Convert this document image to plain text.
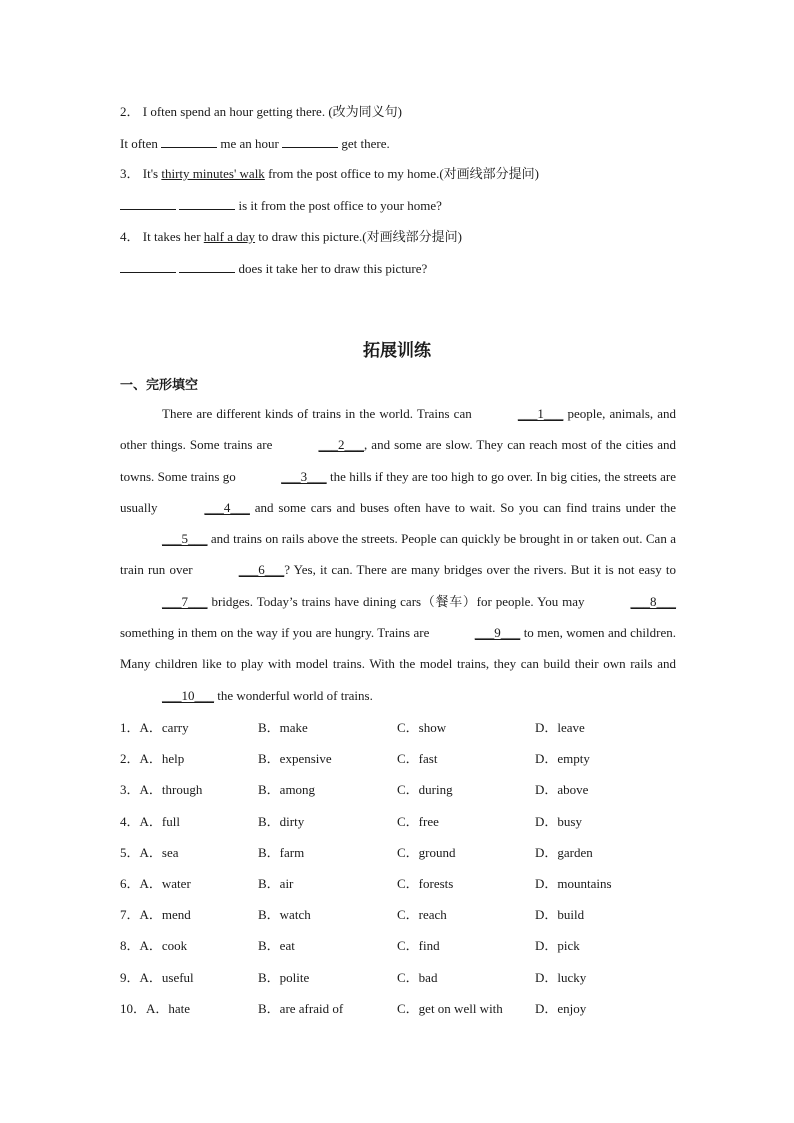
2． I often spend an hour getting there. (改为同义句)
It often	me an hour	get there.
3． It's thirty minutes' walk from the post office to my home.(对画线部分提问)
is it from the post office to your home?
4． It takes her half a day to draw this picture.(对画线部分提问)
does it take her to draw this picture?
拓展训练
一、完形填空

There are different kinds of trains in the world. Trains can	___1___ people, animals, and other things. Some trains are	___2___, and some are slow. They can reach most of the cities and towns. Some trains go	___3___ the hills if they are too high to go over. In big cities, the streets are usually	___4___ and some cars and buses often have to wait. So you can find trains under the ___5___ and trains on rails above the streets. People can quickly be brought in or taken out. Can a train run over	___6___? Yes, it can. There are many bridges over the rivers. But it is not easy to ___7___ bridges. Today’s trains have dining cars（餐车）for people. You may	___8___ something in them on the way if you are hungry. Trains are	___9___ to men, women and children. Many children like to play with model trains. With the model trains, they can build their own rails and ___10___ the wonderful world of trains.

1．A．carry	B．make	C．show	D．leave
2．A．help	B．expensive	C．fast	D．empty
3．A．through	B．among	C．during	D．above
4．A．full	B．dirty	C．free	D．busy
5．A．sea	B．farm	C．ground	D．garden
6．A．water	B．air	C．forests	D．mountains
7．A．mend	B．watch	C．reach	D．build
8．A．cook	B．eat	C．find	D．pick
9．A．useful	B．polite	C．bad	D．lucky
10．A．hate	B．are afraid of	C．get on well with D．enjoy
